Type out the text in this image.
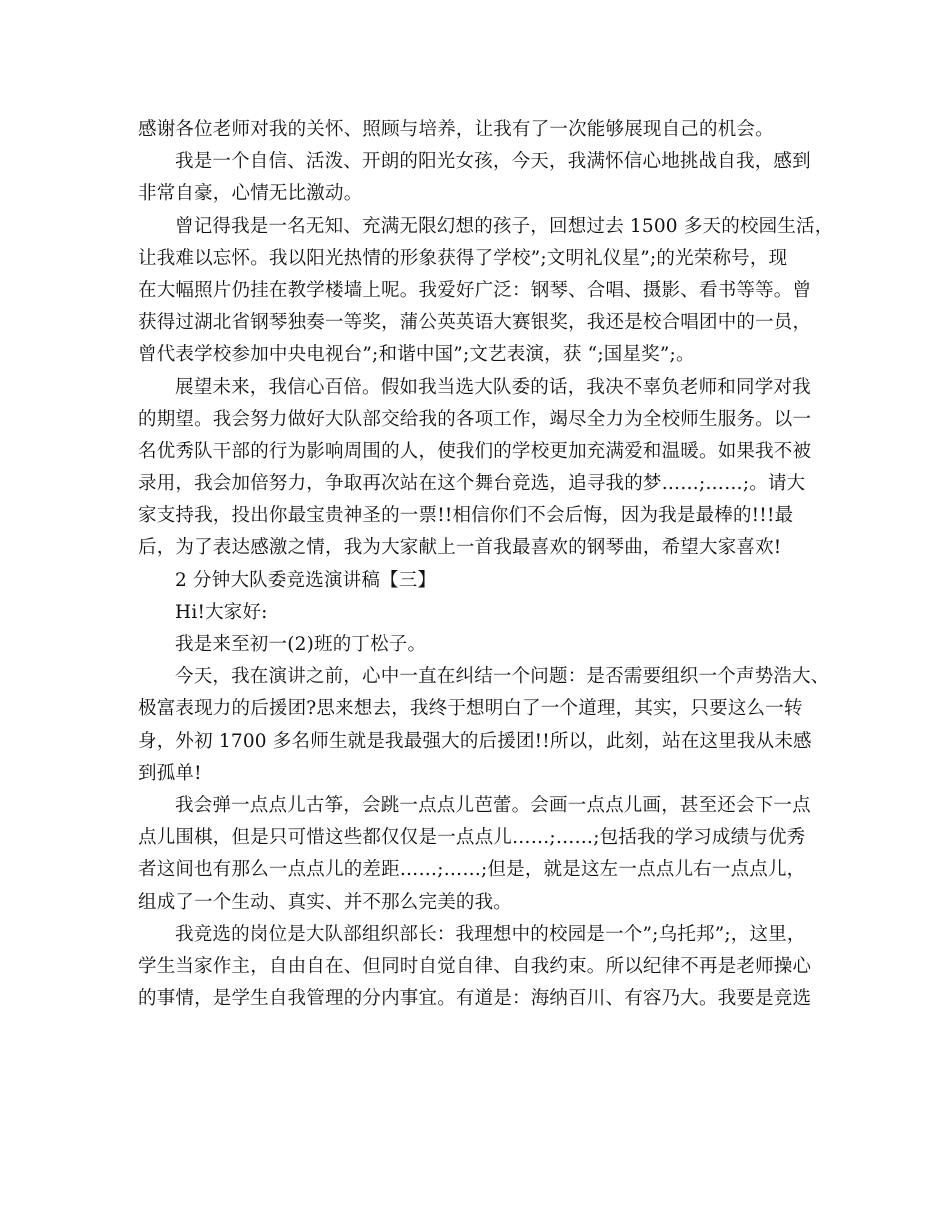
感谢各位老师对我的关怀、照顾与培养，让我有了一次能够展现自己的机会。
我是一个自信、活泼、开朗的阳光女孩，今天，我满怀信心地挑战自我，感到
非常自豪，心情无比激动。
曾记得我是一名无知、充满无限幻想的孩子，回想过去 1500 多天的校园生活，
让我难以忘怀。我以阳光热情的形象获得了学校”;文明礼仪星”;的光荣称号，现
在大幅照片仍挂在教学楼墙上呢。我爱好广泛：钢琴、合唱、摄影、看书等等。曾
获得过湖北省钢琴独奏一等奖，蒲公英英语大赛银奖，我还是校合唱团中的一员，
曾代表学校参加中央电视台”;和谐中国”;文艺表演，获 “;国星奖”;。
展望未来，我信心百倍。假如我当选大队委的话，我决不辜负老师和同学对我
的期望。我会努力做好大队部交给我的各项工作，竭尽全力为全校师生服务。以一
名优秀队干部的行为影响周围的人，使我们的学校更加充满爱和温暖。如果我不被
录用，我会加倍努力，争取再次站在这个舞台竞选，追寻我的梦……;……;。请大
家支持我，投出你最宝贵神圣的一票!!相信你们不会后悔，因为我是最棒的!!!最
后，为了表达感激之情，我为大家献上一首我最喜欢的钢琴曲，希望大家喜欢!
2 分钟大队委竞选演讲稿【三】
Hi!大家好:
我是来至初一(2)班的丁松子。
今天，我在演讲之前，心中一直在纠结一个问题：是否需要组织一个声势浩大、
极富表现力的后援团?思来想去，我终于想明白了一个道理，其实，只要这么一转
身，外初 1700 多名师生就是我最强大的后援团!!所以，此刻，站在这里我从未感
到孤单!
我会弹一点点儿古筝，会跳一点点儿芭蕾。会画一点点儿画，甚至还会下一点
点儿围棋，但是只可惜这些都仅仅是一点点儿……;……;包括我的学习成绩与优秀
者这间也有那么一点点儿的差距……;……;但是，就是这左一点点儿右一点点儿，
组成了一个生动、真实、并不那么完美的我。
我竞选的岗位是大队部组织部长：我理想中的校园是一个”;乌托邦”;，这里，
学生当家作主，自由自在、但同时自觉自律、自我约束。所以纪律不再是老师操心
的事情，是学生自我管理的分内事宜。有道是：海纳百川、有容乃大。我要是竞选
